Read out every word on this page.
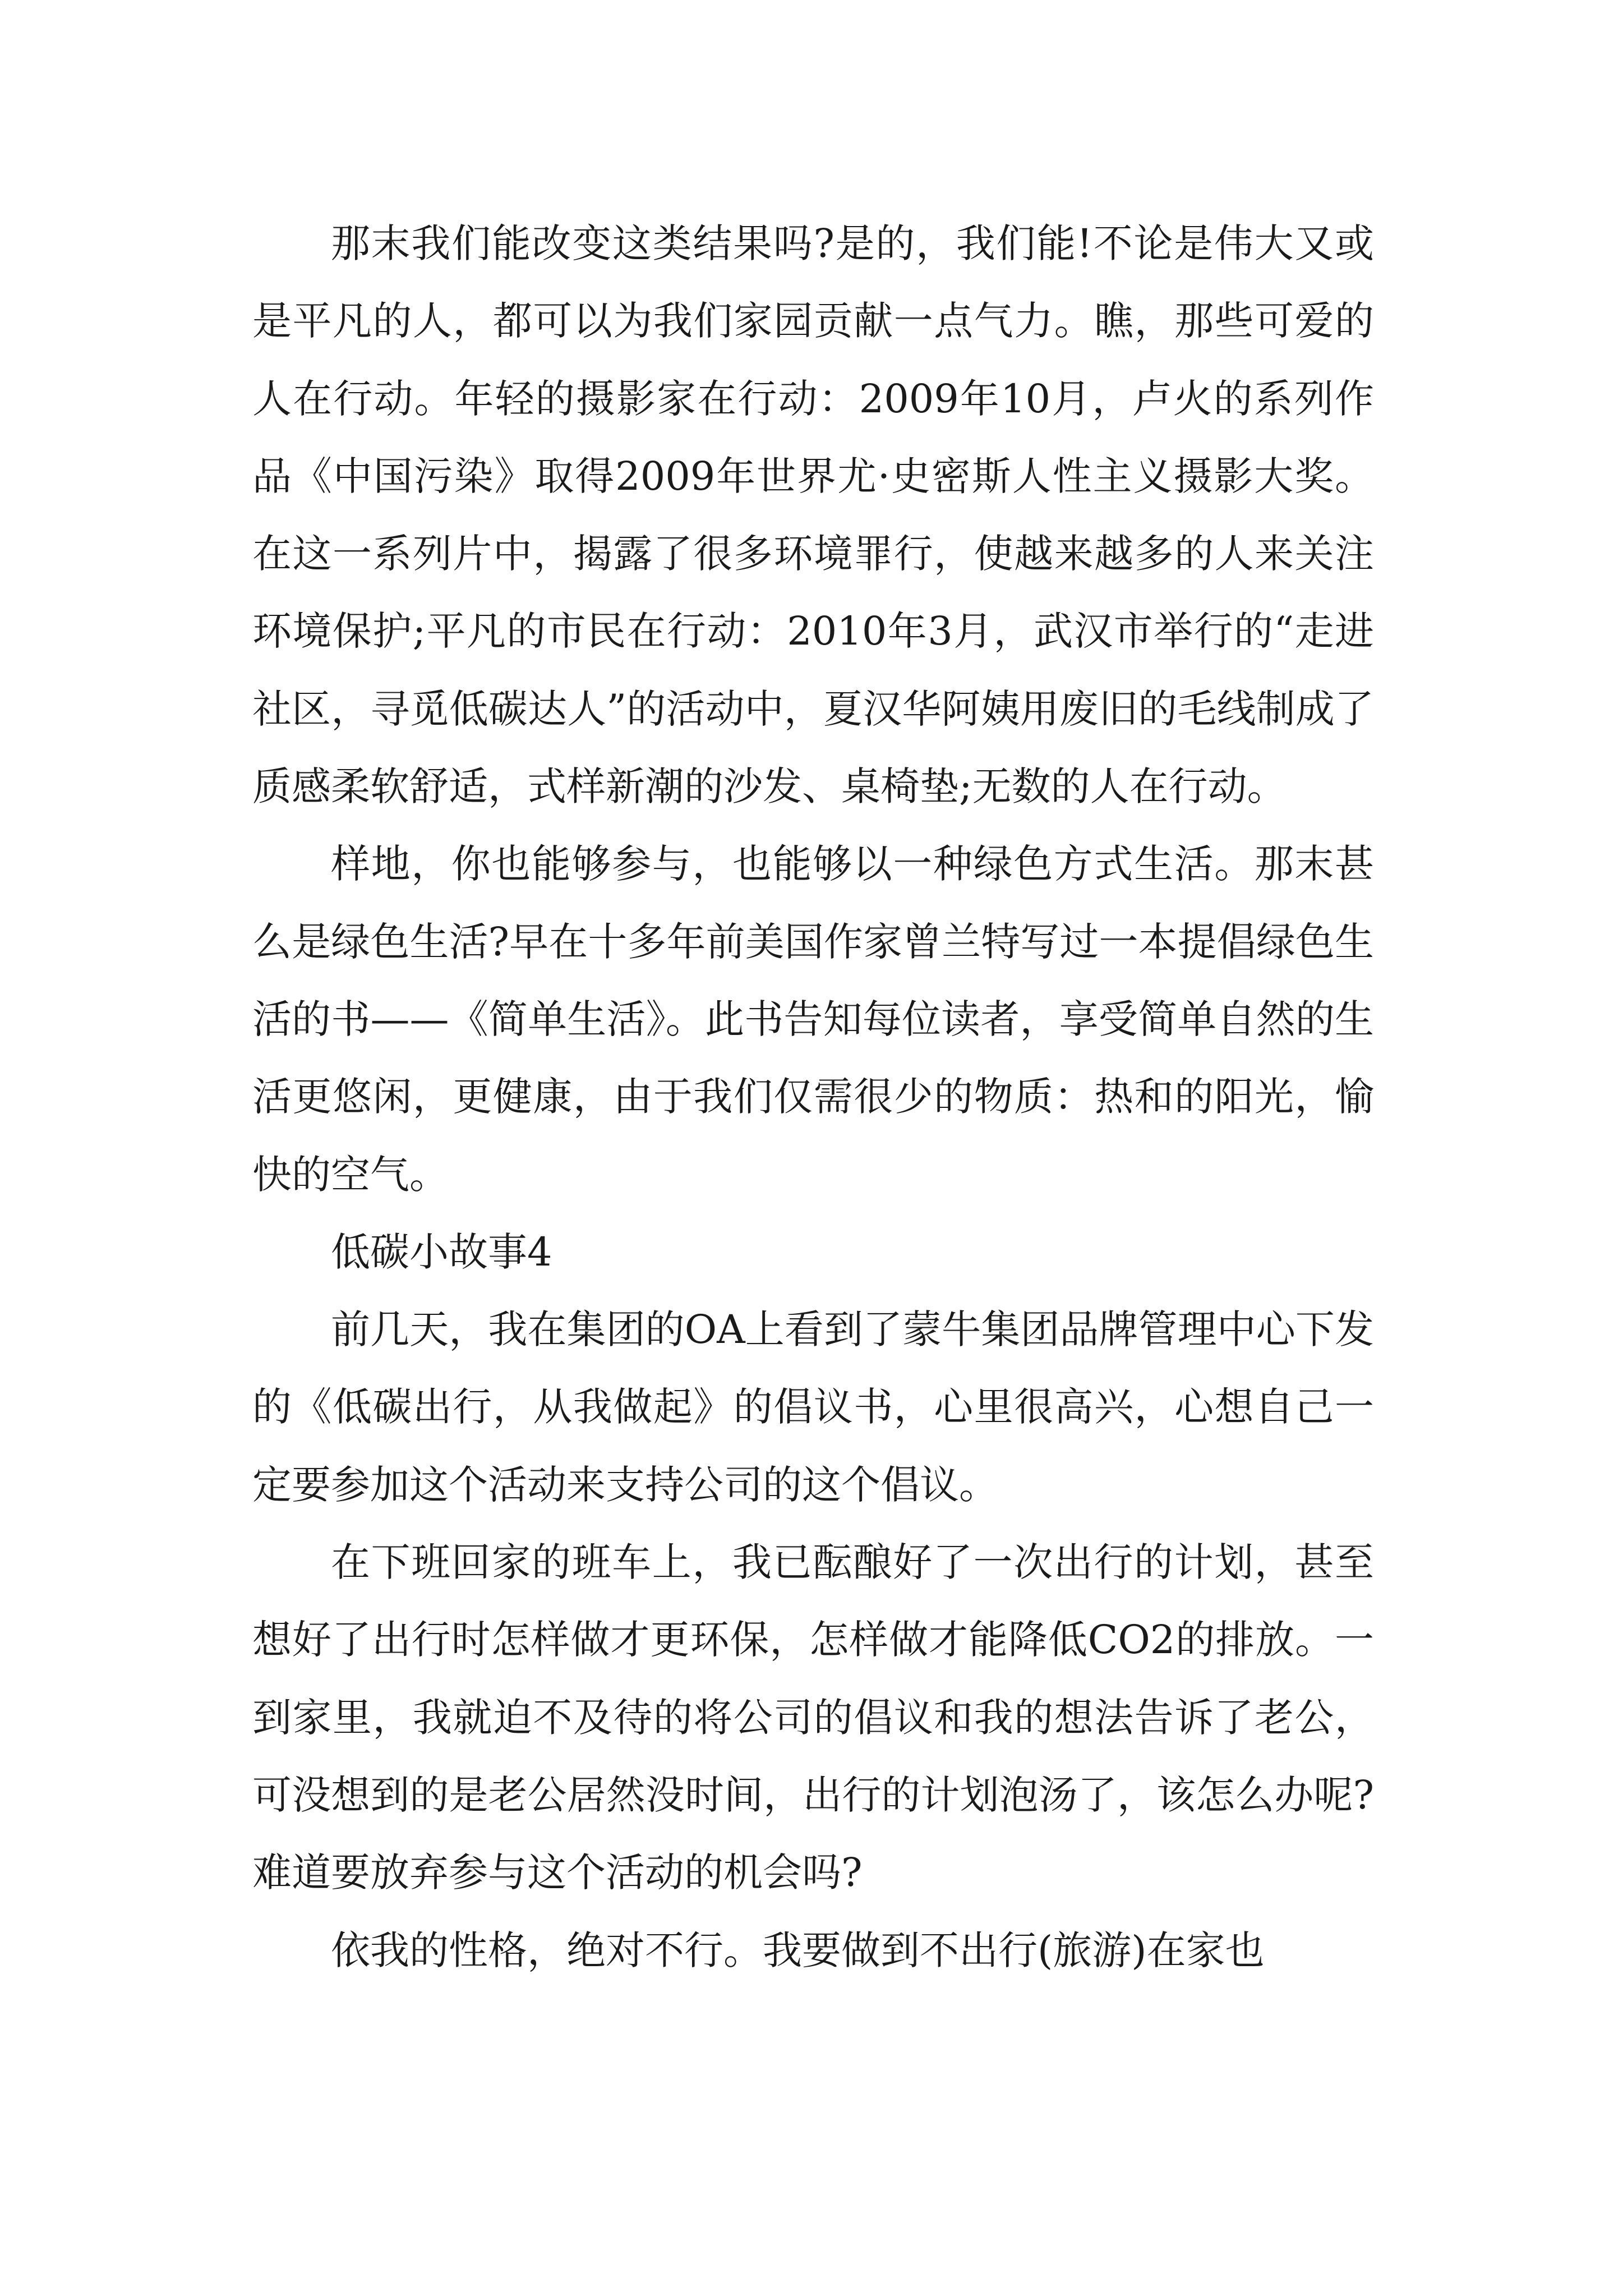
那末我们能改变这类结果吗?是的，我们能!不论是伟大又或是平凡的人，都可以为我们家园贡献一点气力。瞧，那些可爱的人在行动。年轻的摄影家在行动：2009年10月，卢火的系列作品《中国污染》取得2009年世界尤·史密斯人性主义摄影大奖。在这一系列片中，揭露了很多环境罪行，使越来越多的人来关注环境保护;平凡的市民在行动：2010年3月，武汉市举行的“走进社区，寻觅低碳达人”的活动中，夏汉华阿姨用废旧的毛线制成了质感柔软舒适，式样新潮的沙发、桌椅垫;无数的人在行动。

样地，你也能够参与，也能够以一种绿色方式生活。那末甚么是绿色生活?早在十多年前美国作家曾兰特写过一本提倡绿色生活的书——《简单生活》。此书告知每位读者，享受简单自然的生活更悠闲，更健康，由于我们仅需很少的物质：热和的阳光，愉快的空气。

低碳小故事4

前几天，我在集团的OA上看到了蒙牛集团品牌管理中心下发的《低碳出行，从我做起》的倡议书，心里很高兴，心想自己一定要参加这个活动来支持公司的这个倡议。

在下班回家的班车上，我已酝酿好了一次出行的计划，甚至想好了出行时怎样做才更环保，怎样做才能降低CO2的排放。一到家里，我就迫不及待的将公司的倡议和我的想法告诉了老公，可没想到的是老公居然没时间，出行的计划泡汤了，该怎么办呢?难道要放弃参与这个活动的机会吗?

依我的性格，绝对不行。我要做到不出行(旅游)在家也
